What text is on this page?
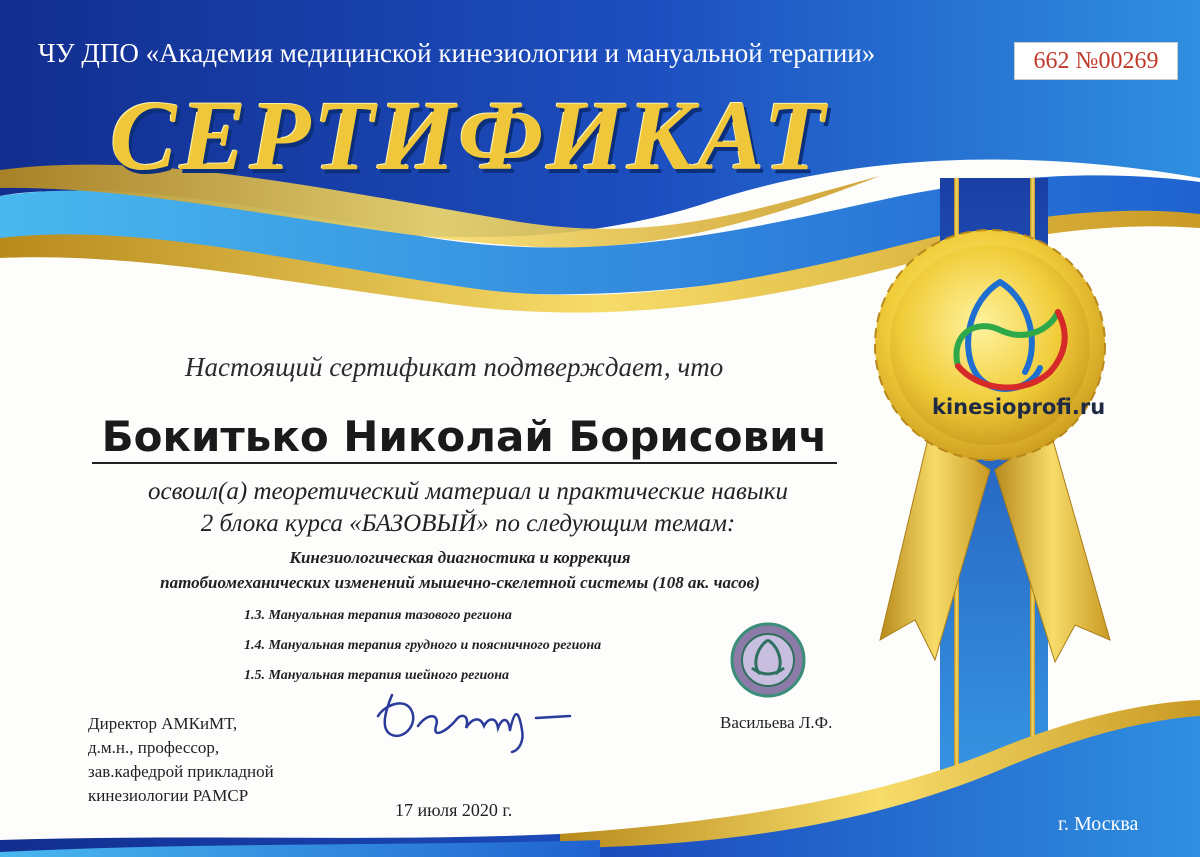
ЧУ ДПО «Академия медицинской кинезиологии и мануальной терапии»	662 №00269
СЕРТИФИКАТ

Настоящий сертификат подтверждает, что

Бокитько Николай Борисович

освоил(а) теоретический материал и практические навыки

2 блока курса «БАЗОВЫЙ» по следующим темам:

Кинезиологическая диагностика и коррекция

патобиомеханических изменений мышечно-скелетной системы (108 ак. часов)

1.3. Мануальная терапия тазового региона

1.4. Мануальная терапия грудного и поясничного региона

1.5. Мануальная терапия шейного региона

Директор АМКиМТ,

д.м.н., профессор,

зав.кафедрой прикладной

кинезиологии РАМСР

Васильева Л.Ф.

17 июля 2020 г.

г. Москва

kinesioprofi.ru
